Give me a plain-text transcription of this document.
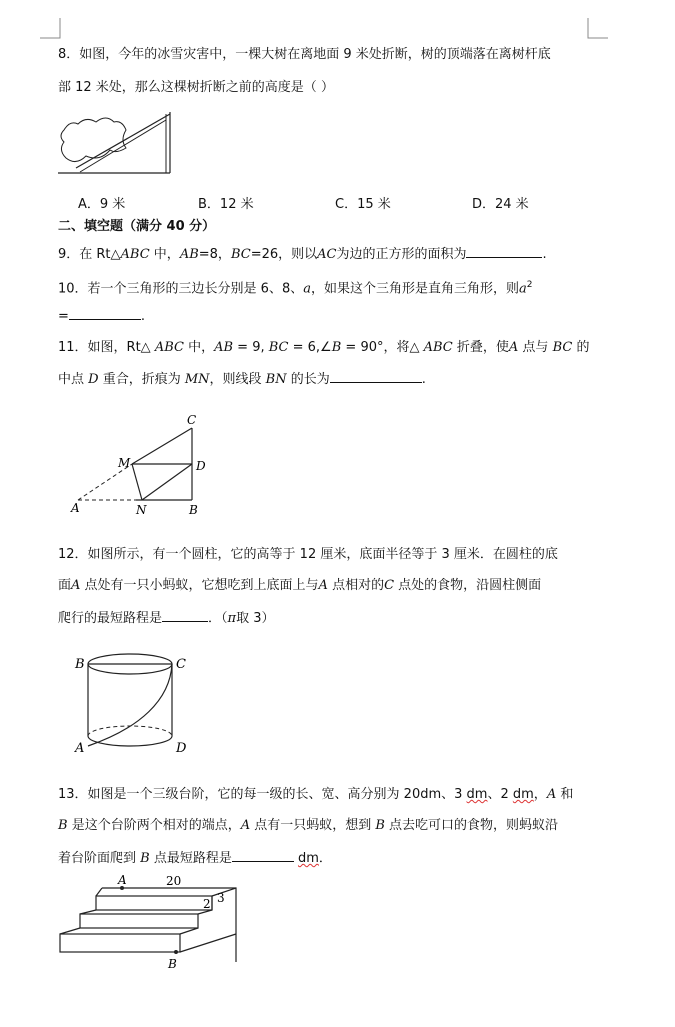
8．如图，今年的冰雪灾害中，一棵大树在离地面 9 米处折断，树的顶端落在离树杆底
部 12 米处，那么这棵树折断之前的高度是（ ）
A．9 米	B．12 米	C．15 米	D．24 米
二、填空题（满分 40 分）
9．在 Rt△ABC 中，AB=8，BC=26，则以AC为边的正方形的面积为	.
10．若一个三角形的三边长分别是 6、8、a，如果这个三角形是直角三角形，则$a^2$
=	.
11．如图，Rt△ ABC 中，AB = 9, BC = 6,∠B = 90°，将△ ABC 折叠，使A 点与 BC 的
中点 D 重合，折痕为 MN，则线段 BN 的长为	.
C
M	D
A	N	B
12．如图所示，有一个圆柱，它的高等于 12 厘米，底面半径等于 3 厘米．在圆柱的底
面A 点处有一只小蚂蚁，它想吃到上底面上与A 点相对的C 点处的食物，沿圆柱侧面
爬行的最短路程是	．（π取 3）
B	C
A	D
13．如图是一个三级台阶，它的每一级的长、宽、高分别为 20dm、3 dm、2 dm，A 和
B 是这个台阶两个相对的端点，A 点有一只蚂蚁，想到 B 点去吃可口的食物，则蚂蚁沿
着台阶面爬到 B 点最短路程是	dm．
A
B
20
2 3
